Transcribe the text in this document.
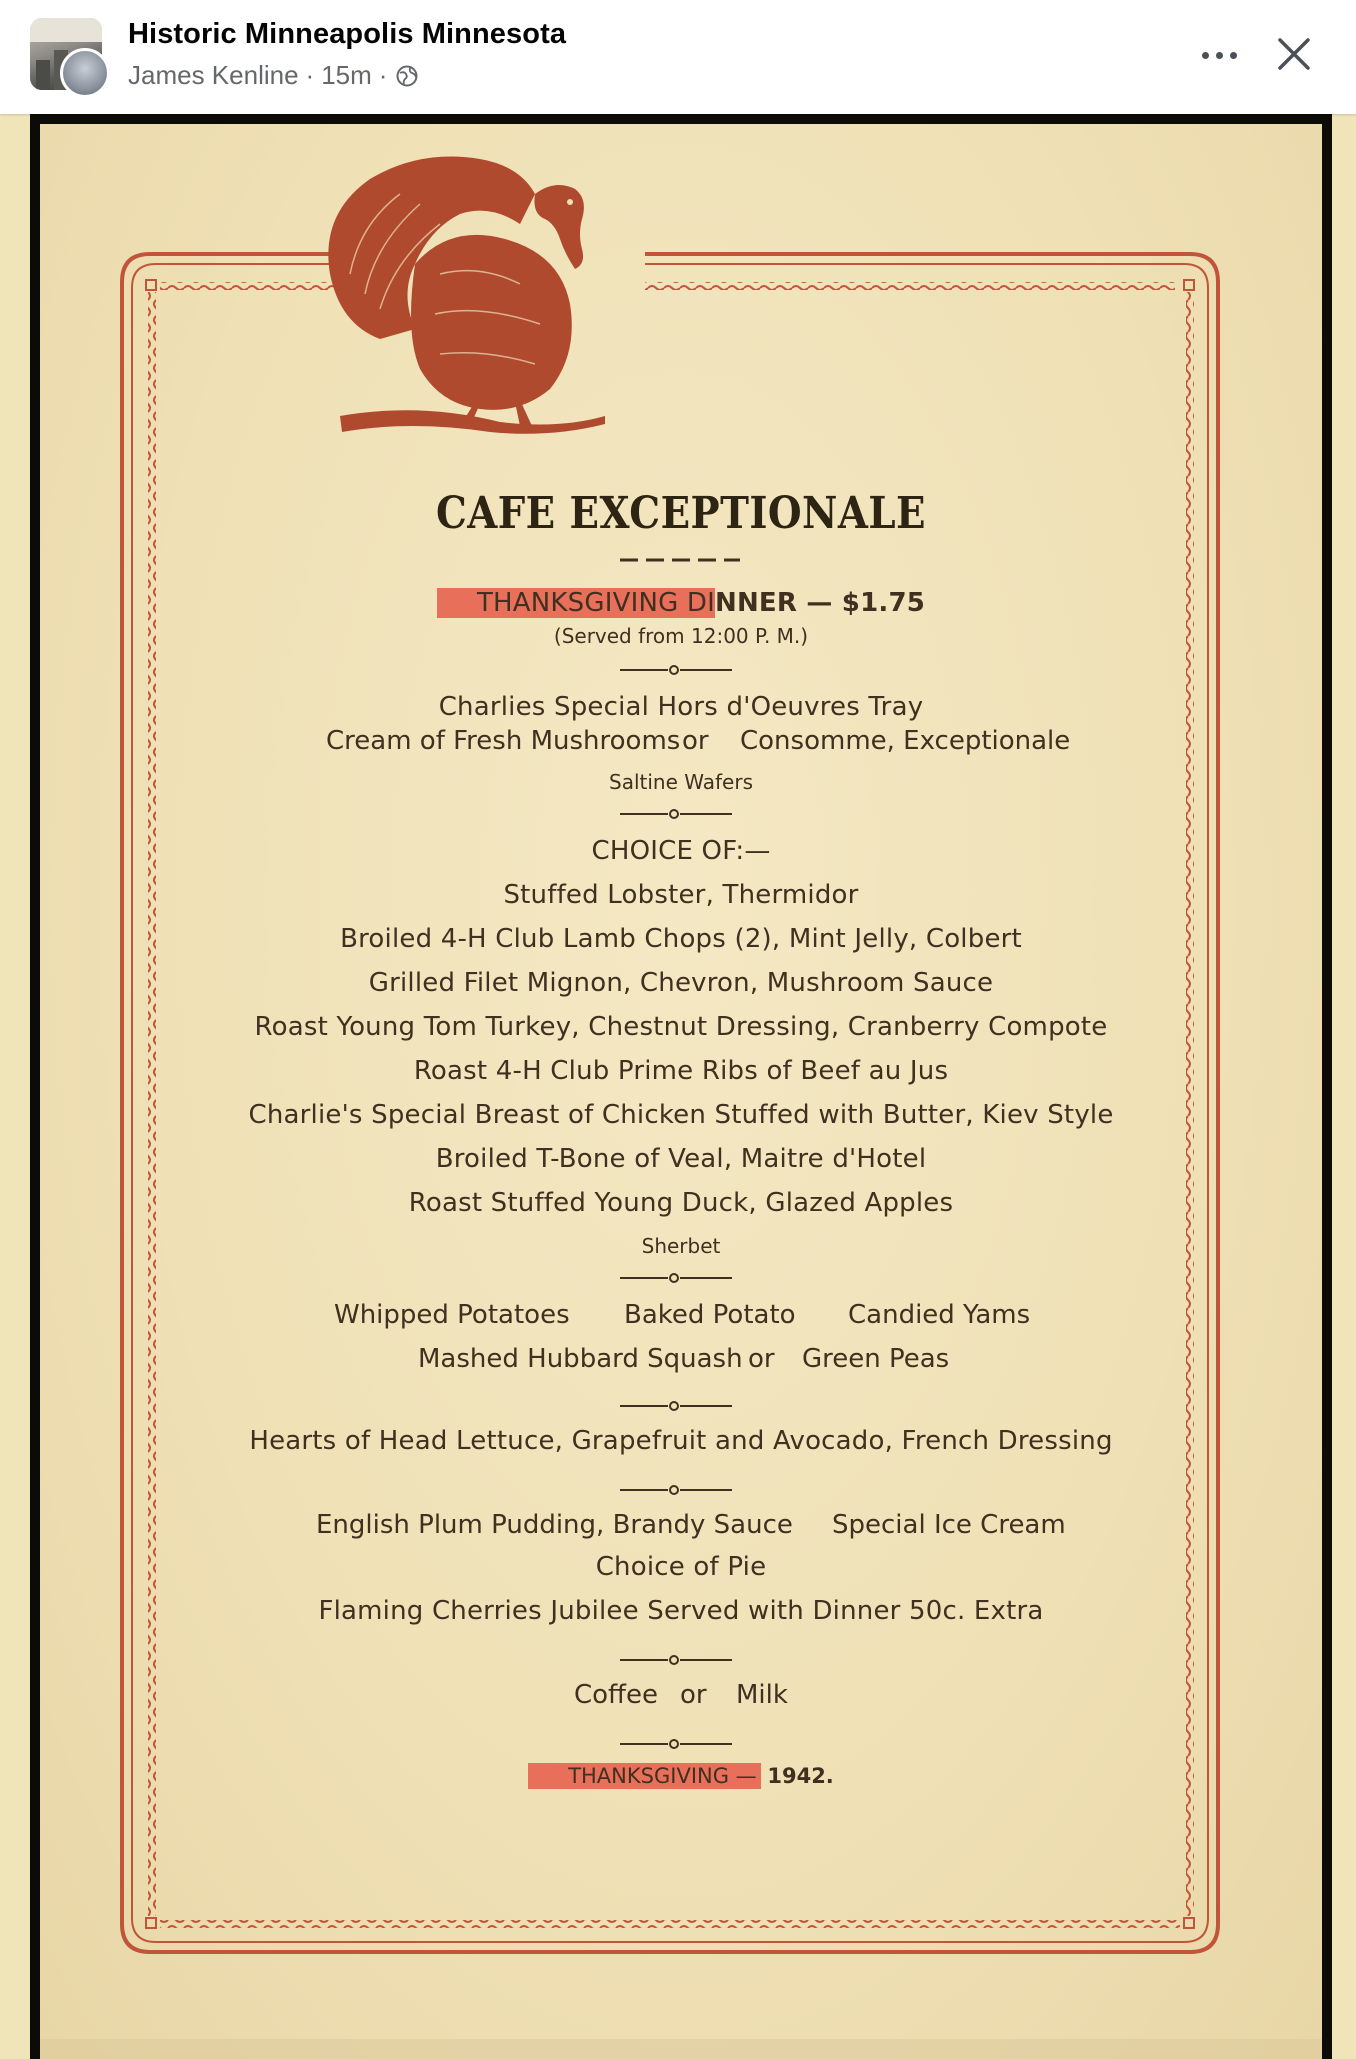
Historic Minneapolis Minnesota
James Kenline · 15m ·
CAFE EXCEPTIONALE
THANKSGIVING DINNER — $1.75
(Served from 12:00 P. M.)
Charlies Special Hors d'Oeuvres Tray
Cream of Fresh Mushrooms or Consomme, Exceptionale
Saltine Wafers
CHOICE OF:—
Stuffed Lobster, Thermidor
Broiled 4-H Club Lamb Chops (2), Mint Jelly, Colbert
Grilled Filet Mignon, Chevron, Mushroom Sauce
Roast Young Tom Turkey, Chestnut Dressing, Cranberry Compote
Roast 4-H Club Prime Ribs of Beef au Jus
Charlie's Special Breast of Chicken Stuffed with Butter, Kiev Style
Broiled T-Bone of Veal, Maitre d'Hotel
Roast Stuffed Young Duck, Glazed Apples
Sherbet
Whipped Potatoes Baked Potato Candied Yams
Mashed Hubbard Squash or Green Peas
Hearts of Head Lettuce, Grapefruit and Avocado, French Dressing
English Plum Pudding, Brandy Sauce Special Ice Cream
Choice of Pie
Flaming Cherries Jubilee Served with Dinner 50c. Extra
Coffee or Milk
THANKSGIVING — 1942.
